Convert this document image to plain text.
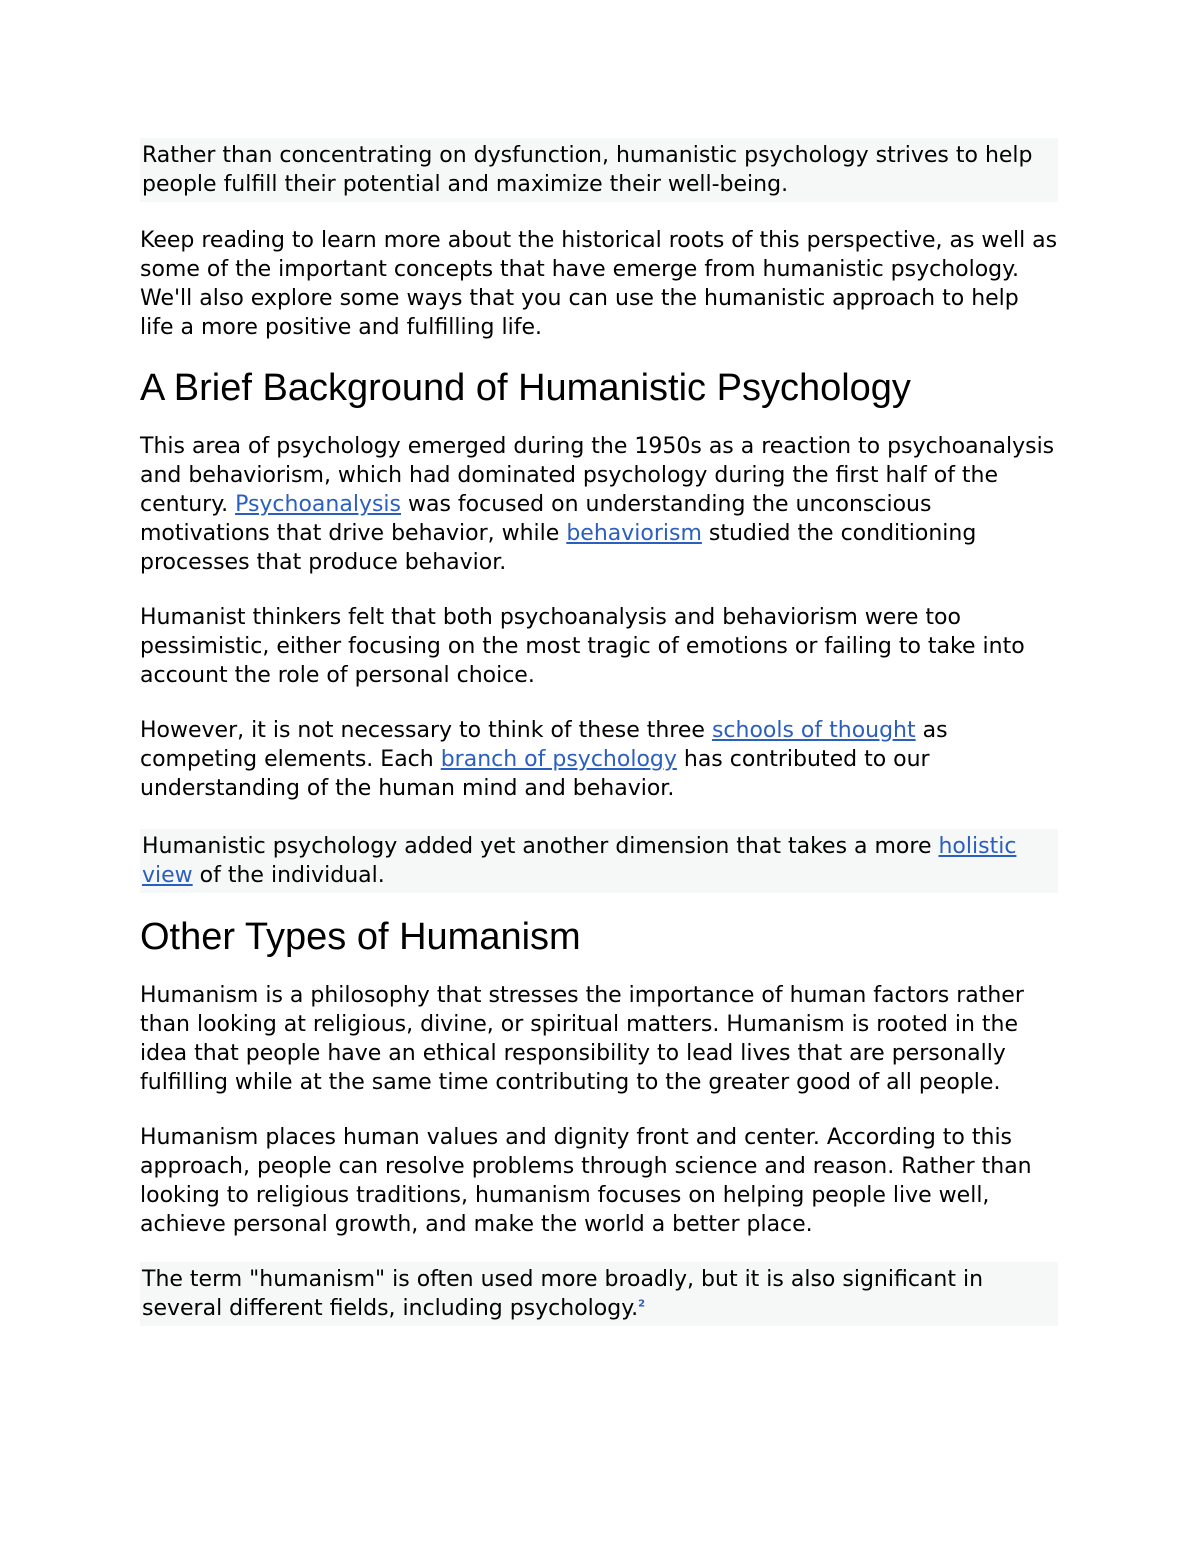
Rather than concentrating on dysfunction, humanistic psychology strives to help people fulfill their potential and maximize their well-being.

Keep reading to learn more about the historical roots of this perspective, as well as some of the important concepts that have emerge from humanistic psychology. We'll also explore some ways that you can use the humanistic approach to help life a more positive and fulfilling life.

A Brief Background of Humanistic Psychology

This area of psychology emerged during the 1950s as a reaction to psychoanalysis and behaviorism, which had dominated psychology during the first half of the century. Psychoanalysis was focused on understanding the unconscious motivations that drive behavior, while behaviorism studied the conditioning processes that produce behavior.

Humanist thinkers felt that both psychoanalysis and behaviorism were too pessimistic, either focusing on the most tragic of emotions or failing to take into account the role of personal choice.

However, it is not necessary to think of these three schools of thought as competing elements. Each branch of psychology has contributed to our understanding of the human mind and behavior.

Humanistic psychology added yet another dimension that takes a more holistic view of the individual.

Other Types of Humanism

Humanism is a philosophy that stresses the importance of human factors rather than looking at religious, divine, or spiritual matters. Humanism is rooted in the idea that people have an ethical responsibility to lead lives that are personally fulfilling while at the same time contributing to the greater good of all people.

Humanism places human values and dignity front and center. According to this approach, people can resolve problems through science and reason. Rather than looking to religious traditions, humanism focuses on helping people live well, achieve personal growth, and make the world a better place.

The term "humanism" is often used more broadly, but it is also significant in several different fields, including psychology.$^2$
